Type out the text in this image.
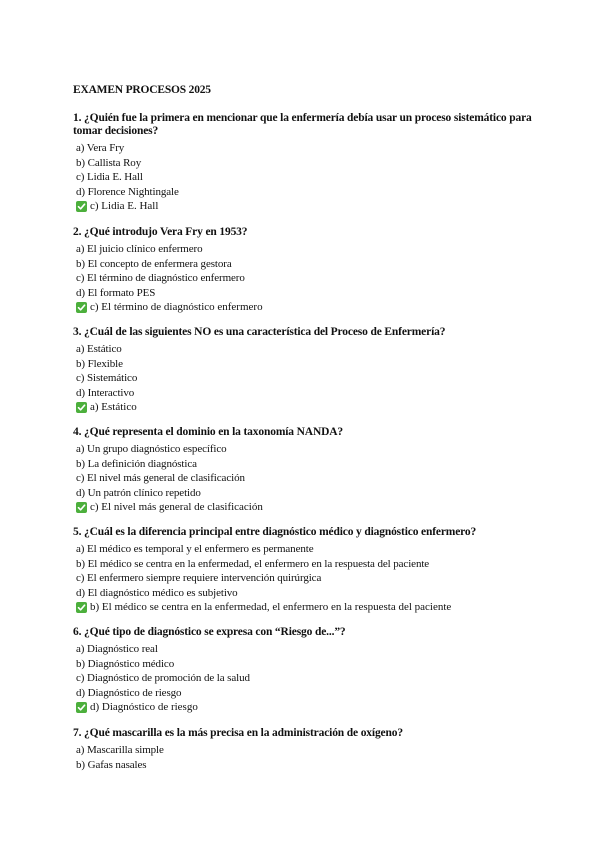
EXAMEN PROCESOS 2025
1. ¿Quién fue la primera en mencionar que la enfermería debía usar un proceso sistemático para tomar decisiones?
a) Vera Fry
b) Callista Roy
c) Lidia E. Hall
d) Florence Nightingale
c) Lidia E. Hall
2. ¿Qué introdujo Vera Fry en 1953?
a) El juicio clínico enfermero
b) El concepto de enfermera gestora
c) El término de diagnóstico enfermero
d) El formato PES
c) El término de diagnóstico enfermero
3. ¿Cuál de las siguientes NO es una característica del Proceso de Enfermería?
a) Estático
b) Flexible
c) Sistemático
d) Interactivo
a) Estático
4. ¿Qué representa el dominio en la taxonomía NANDA?
a) Un grupo diagnóstico específico
b) La definición diagnóstica
c) El nivel más general de clasificación
d) Un patrón clínico repetido
c) El nivel más general de clasificación
5. ¿Cuál es la diferencia principal entre diagnóstico médico y diagnóstico enfermero?
a) El médico es temporal y el enfermero es permanente
b) El médico se centra en la enfermedad, el enfermero en la respuesta del paciente
c) El enfermero siempre requiere intervención quirúrgica
d) El diagnóstico médico es subjetivo
b) El médico se centra en la enfermedad, el enfermero en la respuesta del paciente
6. ¿Qué tipo de diagnóstico se expresa con “Riesgo de...”?
a) Diagnóstico real
b) Diagnóstico médico
c) Diagnóstico de promoción de la salud
d) Diagnóstico de riesgo
d) Diagnóstico de riesgo
7. ¿Qué mascarilla es la más precisa en la administración de oxígeno?
a) Mascarilla simple
b) Gafas nasales
